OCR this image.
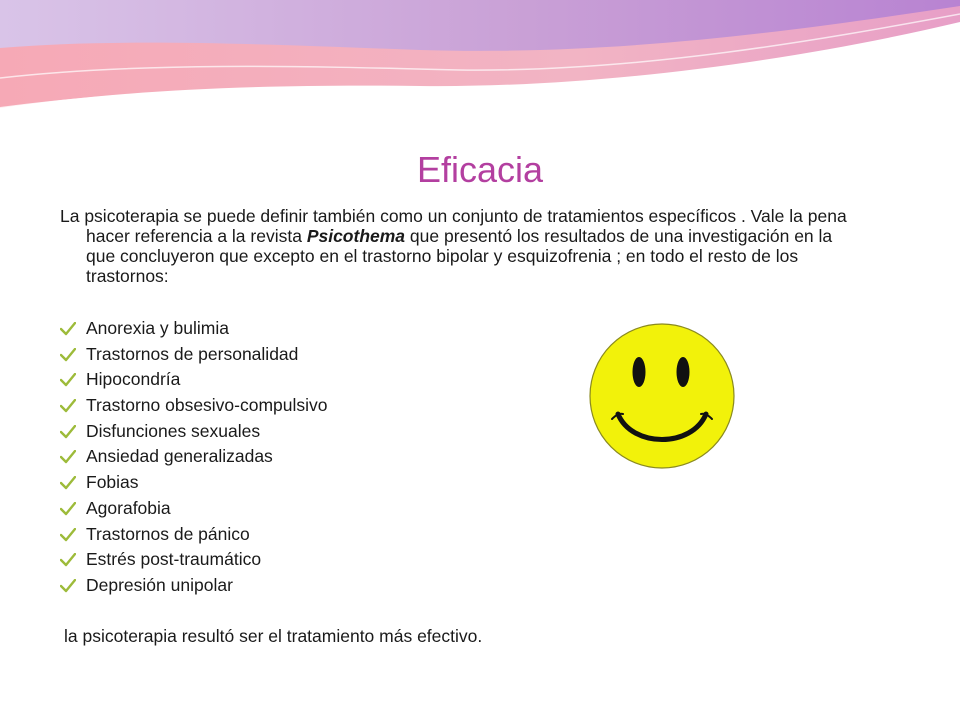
Eficacia
La psicoterapia se puede definir también como un conjunto de tratamientos específicos . Vale la pena hacer referencia a la revista Psicothema que presentó los resultados de una investigación en la que concluyeron que excepto en el trastorno bipolar y esquizofrenia ; en todo el resto de los trastornos:
Anorexia y bulimia
Trastornos de personalidad
Hipocondría
Trastorno obsesivo-compulsivo
Disfunciones sexuales
Ansiedad generalizadas
Fobias
Agorafobia
Trastornos de pánico
Estrés post-traumático
Depresión unipolar
la psicoterapia resultó ser el tratamiento más efectivo.
